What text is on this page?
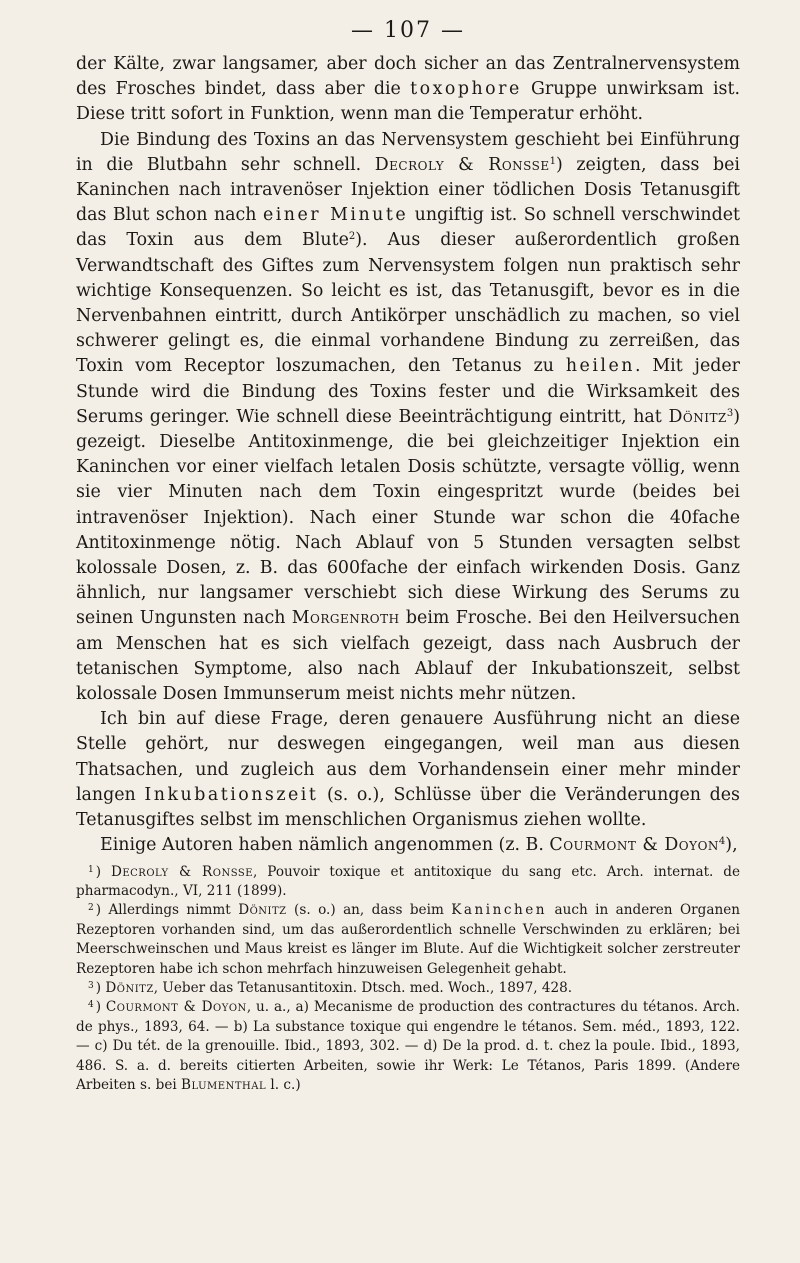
— 107 —

der Kälte, zwar langsamer, aber doch sicher an das Zentralnervensystem des Frosches bindet, dass aber die toxophore Gruppe unwirksam ist. Diese tritt sofort in Funktion, wenn man die Temperatur erhöht.

Die Bindung des Toxins an das Nervensystem geschieht bei Einführung in die Blutbahn sehr schnell. Decroly & Ronsse$^1$) zeigten, dass bei Kaninchen nach intravenöser Injektion einer tödlichen Dosis Tetanusgift das Blut schon nach einer Minute ungiftig ist. So schnell verschwindet das Toxin aus dem Blute$^2$). Aus dieser außerordentlich großen Verwandtschaft des Giftes zum Nervensystem folgen nun praktisch sehr wichtige Konsequenzen. So leicht es ist, das Tetanusgift, bevor es in die Nervenbahnen eintritt, durch Antikörper unschädlich zu machen, so viel schwerer gelingt es, die einmal vorhandene Bindung zu zerreißen, das Toxin vom Receptor loszumachen, den Tetanus zu heilen. Mit jeder Stunde wird die Bindung des Toxins fester und die Wirksamkeit des Serums geringer. Wie schnell diese Beeinträchtigung eintritt, hat Dönitz$^3$) gezeigt. Dieselbe Antitoxinmenge, die bei gleichzeitiger Injektion ein Kaninchen vor einer vielfach letalen Dosis schützte, versagte völlig, wenn sie vier Minuten nach dem Toxin eingespritzt wurde (beides bei intravenöser Injektion). Nach einer Stunde war schon die 40fache Antitoxinmenge nötig. Nach Ablauf von 5 Stunden versagten selbst kolossale Dosen, z. B. das 600fache der einfach wirkenden Dosis. Ganz ähnlich, nur langsamer verschiebt sich diese Wirkung des Serums zu seinen Ungunsten nach Morgenroth beim Frosche. Bei den Heilversuchen am Menschen hat es sich vielfach gezeigt, dass nach Ausbruch der tetanischen Symptome, also nach Ablauf der Inkubationszeit, selbst kolossale Dosen Immunserum meist nichts mehr nützen.

Ich bin auf diese Frage, deren genauere Ausführung nicht an diese Stelle gehört, nur deswegen eingegangen, weil man aus diesen Thatsachen, und zugleich aus dem Vorhandensein einer mehr minder langen Inkubationszeit (s. o.), Schlüsse über die Veränderungen des Tetanusgiftes selbst im menschlichen Organismus ziehen wollte.

Einige Autoren haben nämlich angenommen (z. B. Courmont & Doyon$^4$),

$^1$ ) Decroly & Ronsse, Pouvoir toxique et antitoxique du sang etc. Arch. internat. de pharmacodyn., VI, 211 (1899).

$^2$ ) Allerdings nimmt Dönitz (s. o.) an, dass beim Kaninchen auch in anderen Organen Rezeptoren vorhanden sind, um das außerordentlich schnelle Verschwinden zu erklären; bei Meerschweinschen und Maus kreist es länger im Blute. Auf die Wichtigkeit solcher zerstreuter Rezeptoren habe ich schon mehrfach hinzuweisen Gelegenheit gehabt.

$^3$ ) Dönitz, Ueber das Tetanusantitoxin. Dtsch. med. Woch., 1897, 428.

$^4$ ) Courmont & Doyon, u. a., a) Mecanisme de production des contractures du tétanos. Arch. de phys., 1893, 64. — b) La substance toxique qui engendre le tétanos. Sem. méd., 1893, 122. — c) Du tét. de la grenouille. Ibid., 1893, 302. — d) De la prod. d. t. chez la poule. Ibid., 1893, 486. S. a. d. bereits citierten Arbeiten, sowie ihr Werk: Le Tétanos, Paris 1899. (Andere Arbeiten s. bei Blumenthal l. c.)
